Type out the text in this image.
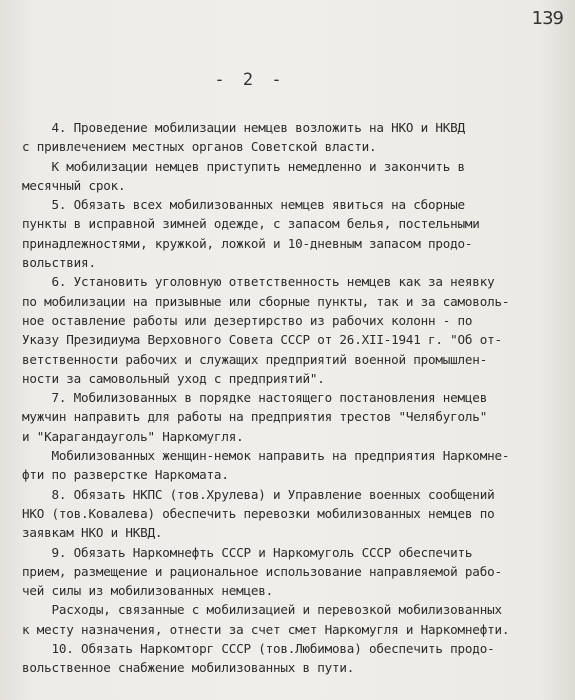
139
- 2 -
4. Проведение мобилизации немцев возложить на НКО и НКВД
с привлечением местных органов Советской власти.
К мобилизации немцев приступить немедленно и закончить в
месячный срок.
5. Обязать всех мобилизованных немцев явиться на сборные
пункты в исправной зимней одежде, с запасом белья, постельными
принадлежностями, кружкой, ложкой и 10-дневным запасом продо-
вольствия.
6. Установить уголовную ответственность немцев как за неявку
по мобилизации на призывные или сборные пункты, так и за самоволь-
ное оставление работы или дезертирство из рабочих колонн - по
Указу Президиума Верховного Совета СССР от 26.XII-1941 г. "Об от-
ветственности рабочих и служащих предприятий военной промышлен-
ности за самовольный уход с предприятий".
7. Мобилизованных в порядке настоящего постановления немцев
мужчин направить для работы на предприятия трестов "Челябуголь"
и "Карагандауголь" Наркомугля.
Мобилизованных женщин-немок направить на предприятия Наркомне-
фти по разверстке Наркомата.
8. Обязать НКПС (тов.Хрулева) и Управление военных сообщений
НКО (тов.Ковалева) обеспечить перевозки мобилизованных немцев по
заявкам НКО и НКВД.
9. Обязать Наркомнефть СССР и Наркомуголь СССР обеспечить
прием, размещение и рациональное использование направляемой рабо-
чей силы из мобилизованных немцев.
Расходы, связанные с мобилизацией и перевозкой мобилизованных
к месту назначения, отнести за счет смет Наркомугля и Наркомнефти.
10. Обязать Наркомторг СССР (тов.Любимова) обеспечить продо-
вольственное снабжение мобилизованных в пути.
